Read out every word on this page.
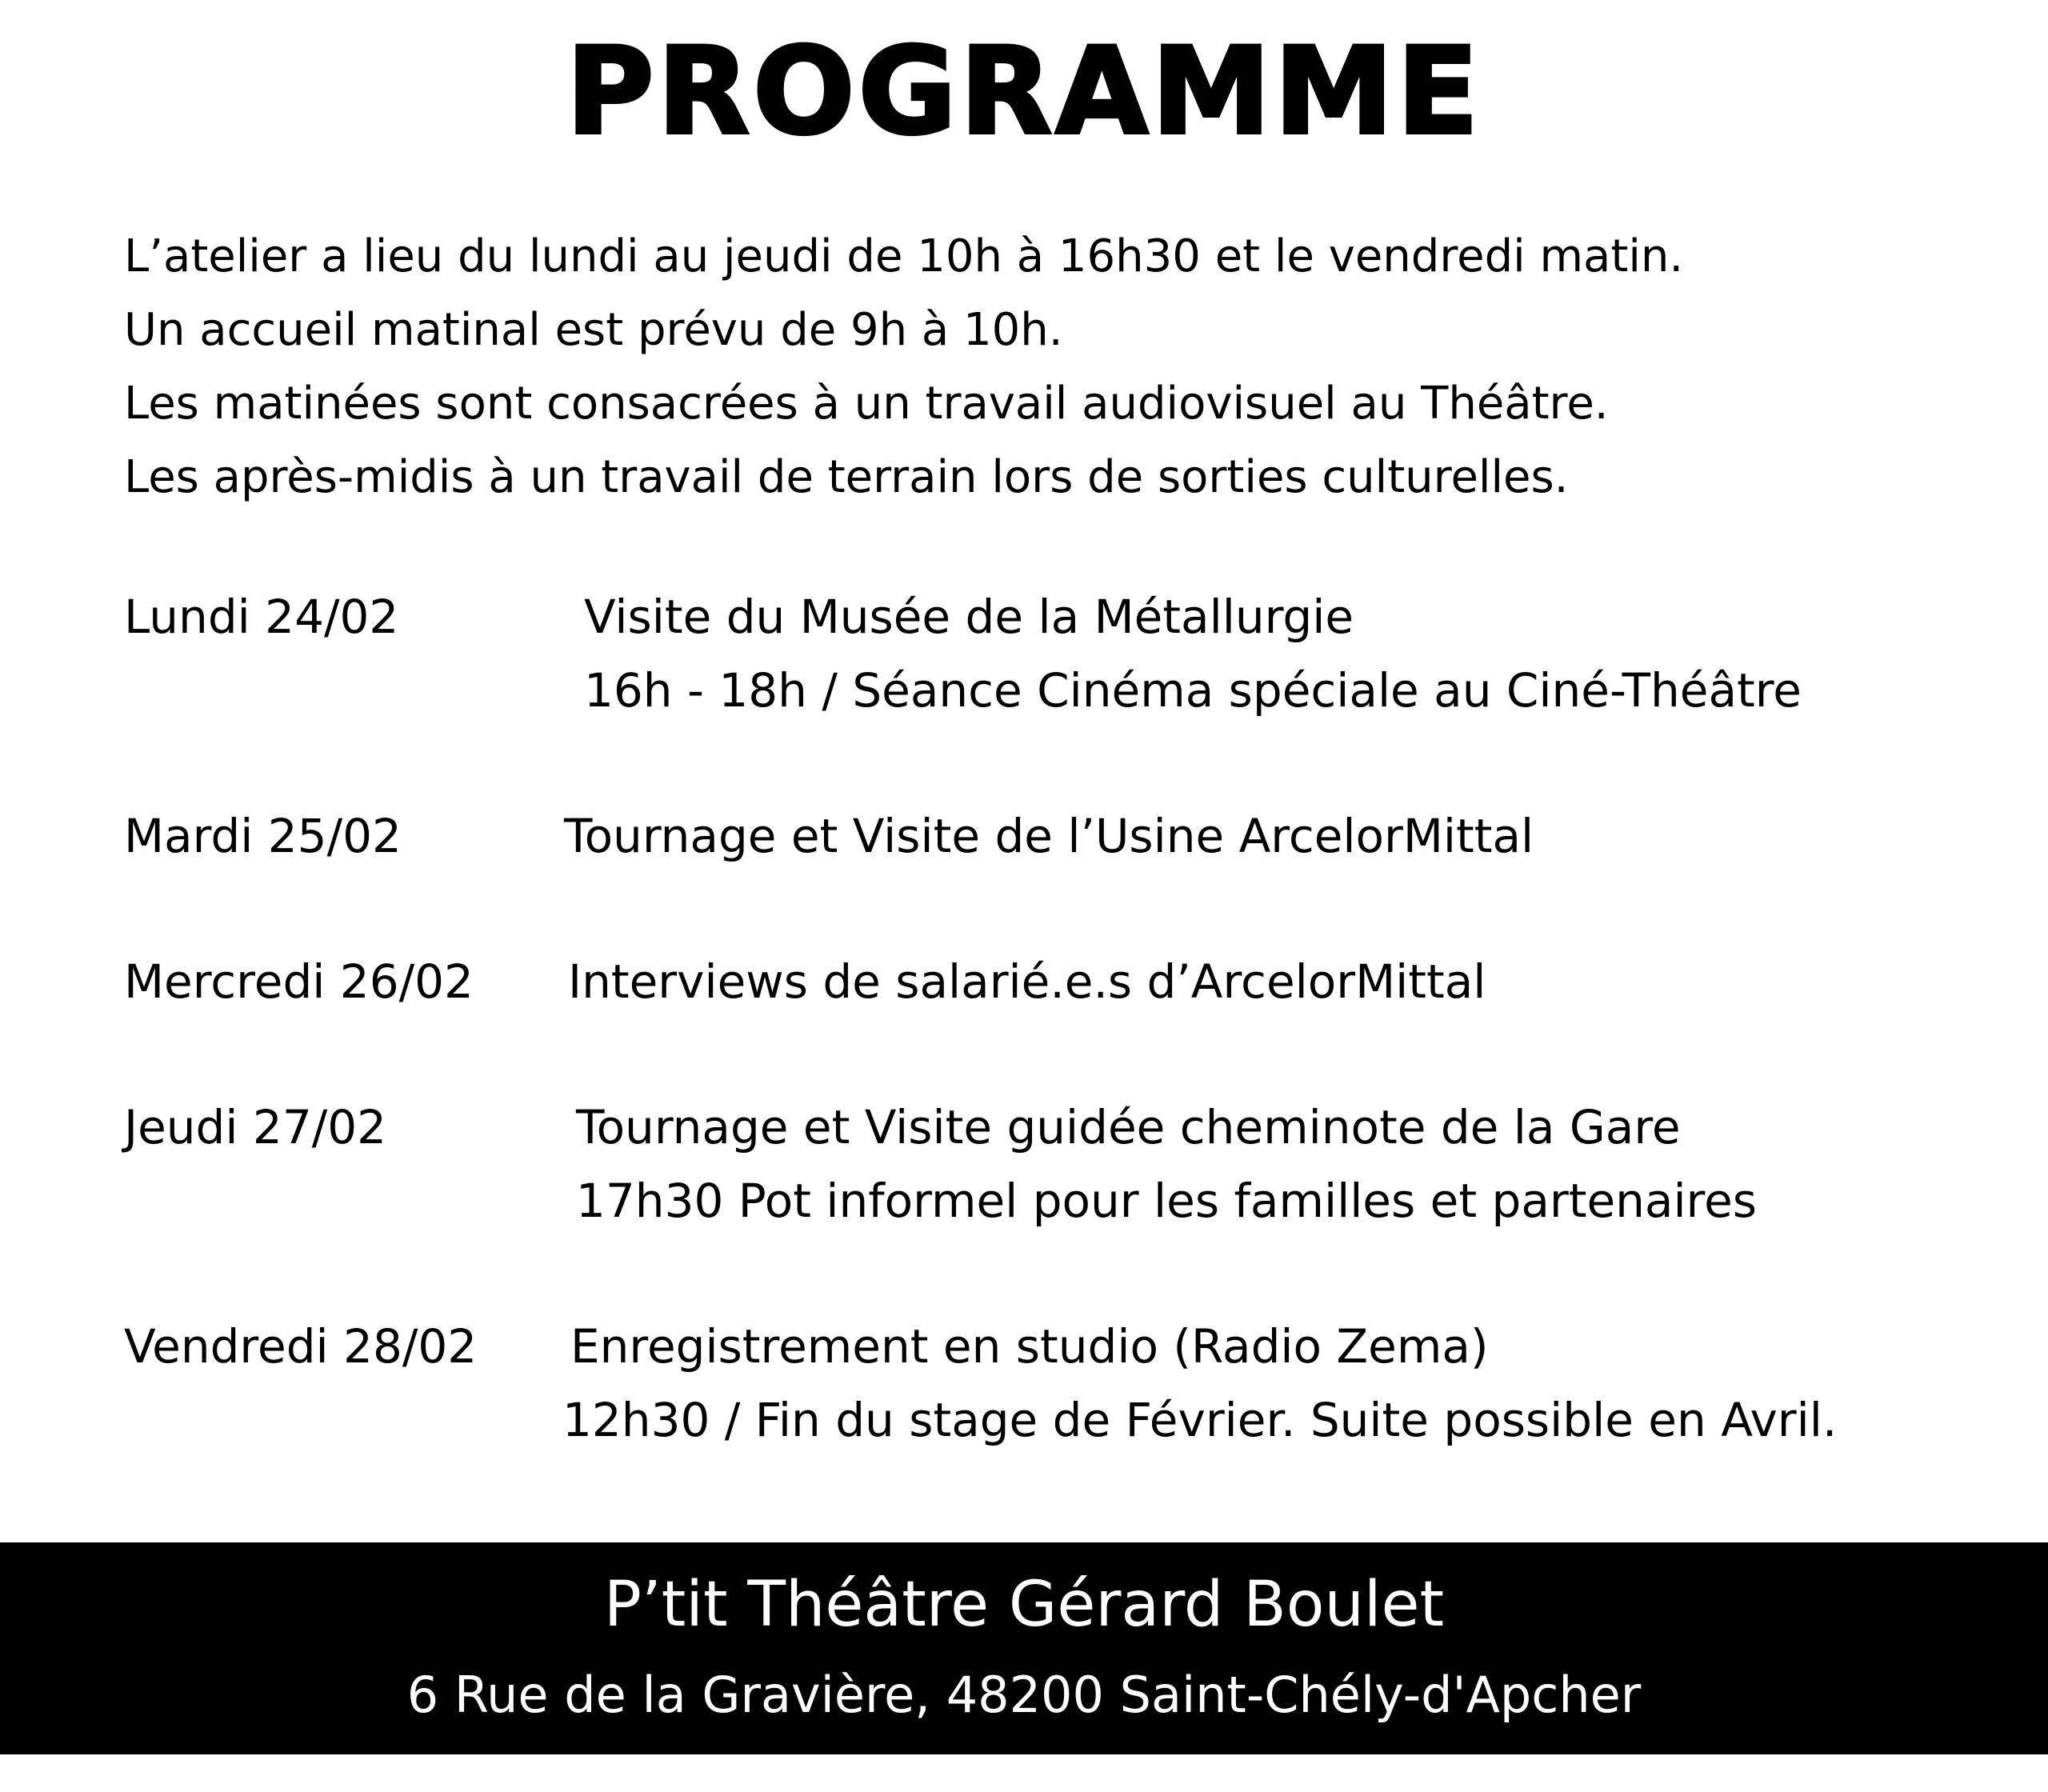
PROGRAMME
L’atelier a lieu du lundi au jeudi de 10h à 16h30 et le vendredi matin.
Un accueil matinal est prévu de 9h à 10h.
Les matinées sont consacrées à un travail audiovisuel au Théâtre.
Les après-midis à un travail de terrain lors de sorties culturelles.
Lundi 24/02	Visite du Musée de la Métallurgie
16h - 18h / Séance Cinéma spéciale au Ciné-Théâtre
Mardi 25/02	Tournage et Visite de l’Usine ArcelorMittal
Mercredi 26/02 Interviews de salarié.e.s d’ArcelorMittal
Jeudi 27/02	Tournage et Visite guidée cheminote de la Gare
17h30 Pot informel pour les familles et partenaires
Vendredi 28/02 Enregistrement en studio (Radio Zema)
12h30 / Fin du stage de Février. Suite possible en Avril.
P’tit Théâtre Gérard Boulet
6 Rue de la Gravière, 48200 Saint-Chély-d'Apcher
